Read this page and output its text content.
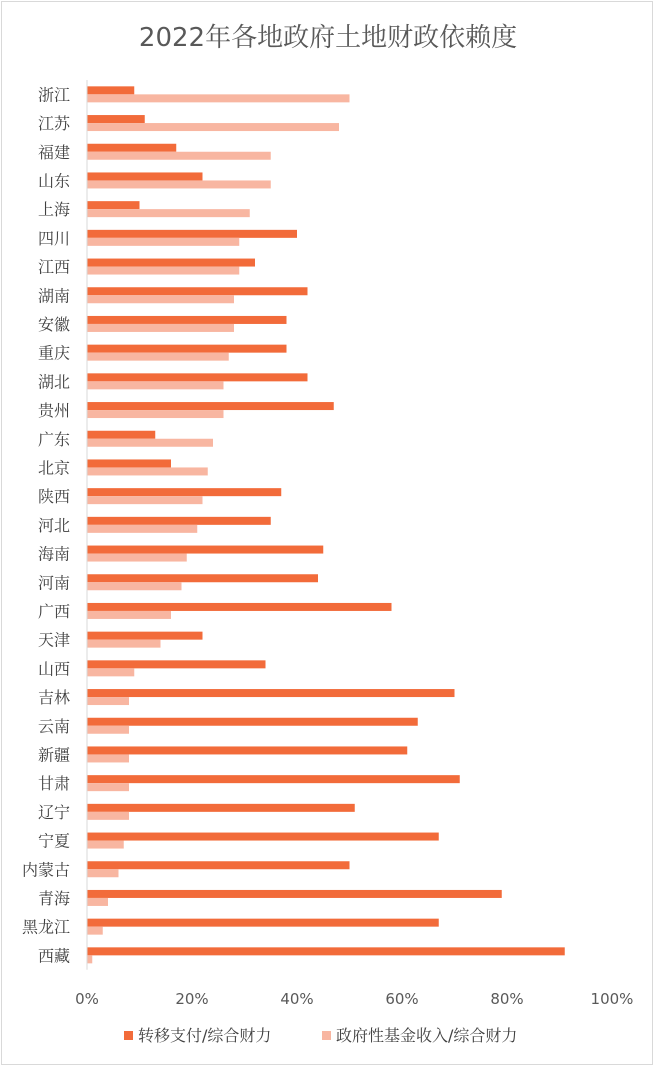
2022年各地政府土地财政依赖度
浙江
江苏
福建
山东
上海
四川
江西
湖南
安徽
重庆
湖北
贵州
广东
北京
陕西
河北
海南
河南
广西
天津
山西
吉林
云南
新疆
甘肃
辽宁
宁夏
内蒙古
青海
黑龙江
西藏
0%	20%	40%	60%	80%	100%
转移支付/综合财力	政府性基金收入/综合财力
